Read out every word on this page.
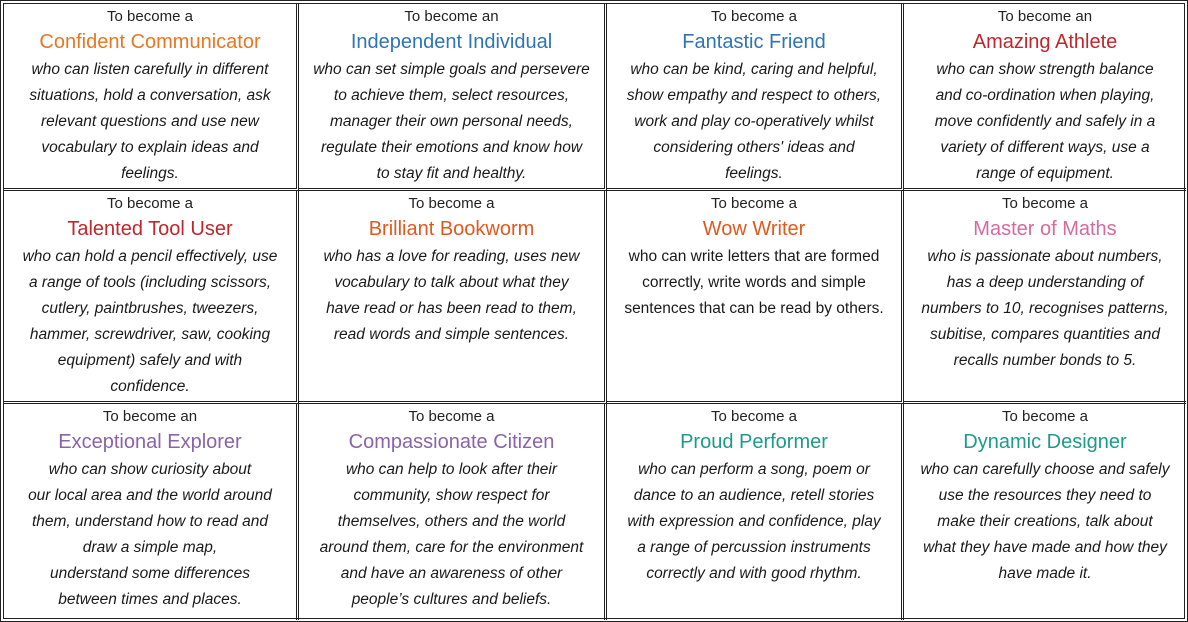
To become a
Confident Communicator
who can listen carefully in different
situations, hold a conversation, ask
relevant questions and use new
vocabulary to explain ideas and
feelings.
To become an
Independent Individual
who can set simple goals and persevere
to achieve them, select resources,
manager their own personal needs,
regulate their emotions and know how
to stay fit and healthy.
To become a
Fantastic Friend
who can be kind, caring and helpful,
show empathy and respect to others,
work and play co-operatively whilst
considering others' ideas and
feelings.
To become an
Amazing Athlete
who can show strength balance
and co-ordination when playing,
move confidently and safely in a
variety of different ways, use a
range of equipment.
To become a
Talented Tool User
who can hold a pencil effectively, use
a range of tools (including scissors,
cutlery, paintbrushes, tweezers,
hammer, screwdriver, saw, cooking
equipment) safely and with
confidence.
To become a
Brilliant Bookworm
who has a love for reading, uses new
vocabulary to talk about what they
have read or has been read to them,
read words and simple sentences.
To become a
Wow Writer
who can write letters that are formed
correctly, write words and simple
sentences that can be read by others.
To become a
Master of Maths
who is passionate about numbers,
has a deep understanding of
numbers to 10, recognises patterns,
subitise, compares quantities and
recalls number bonds to 5.
To become an
Exceptional Explorer
who can show curiosity about
our local area and the world around
them, understand how to read and
draw a simple map,
understand some differences
between times and places.
To become a
Compassionate Citizen
who can help to look after their
community, show respect for
themselves, others and the world
around them, care for the environment
and have an awareness of other
people’s cultures and beliefs.
To become a
Proud Performer
who can perform a song, poem or
dance to an audience, retell stories
with expression and confidence, play
a range of percussion instruments
correctly and with good rhythm.
To become a
Dynamic Designer
who can carefully choose and safely
use the resources they need to
make their creations, talk about
what they have made and how they
have made it.
